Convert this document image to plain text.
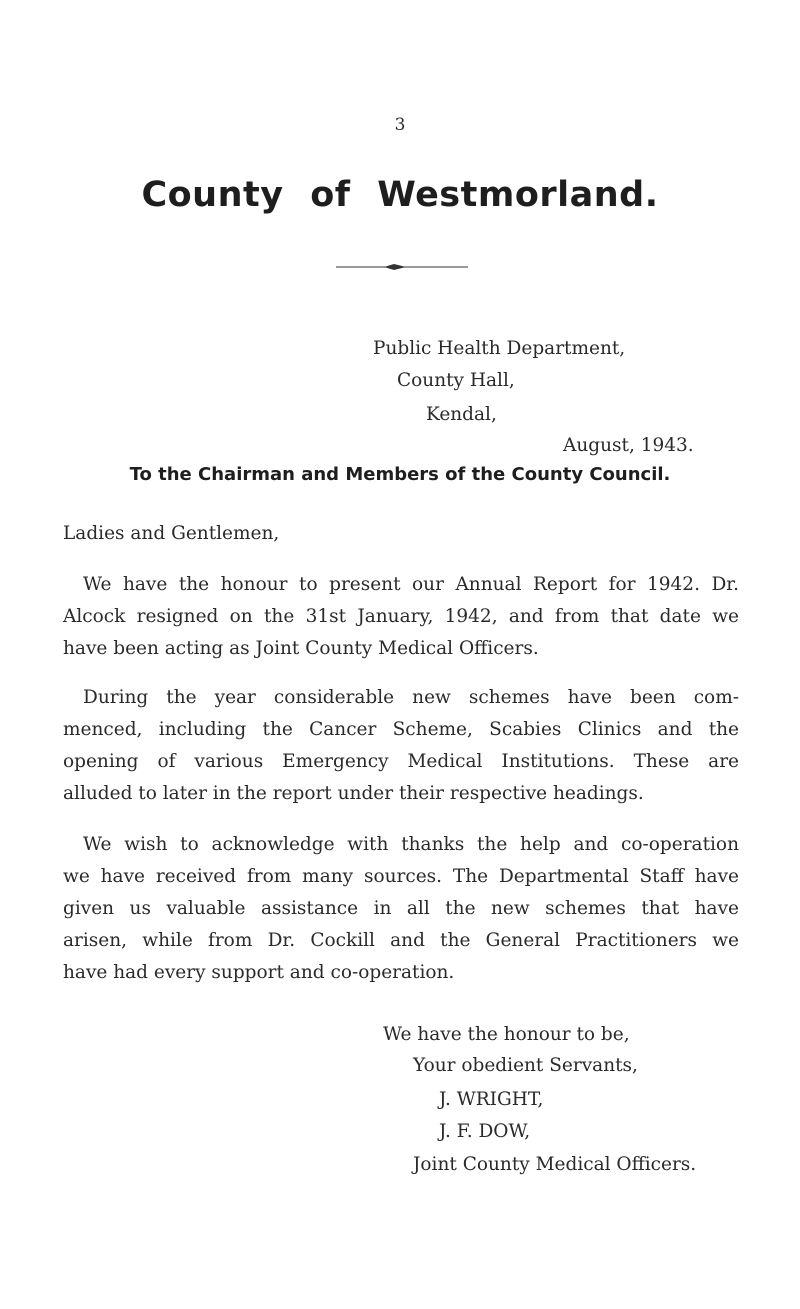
3
County of Westmorland.
Public Health Department,
County Hall,
Kendal,
August, 1943.
To the Chairman and Members of the County Council.
Ladies and Gentlemen,
We have the honour to present our Annual Report for 1942. Dr.
Alcock resigned on the 31st January, 1942, and from that date we
have been acting as Joint County Medical Officers.
During the year considerable new schemes have been com-
menced, including the Cancer Scheme, Scabies Clinics and the
opening of various Emergency Medical Institutions. These are
alluded to later in the report under their respective headings.
We wish to acknowledge with thanks the help and co-operation
we have received from many sources. The Departmental Staff have
given us valuable assistance in all the new schemes that have
arisen, while from Dr. Cockill and the General Practitioners we
have had every support and co-operation.
We have the honour to be,
Your obedient Servants,
J. WRIGHT,
J. F. DOW,
Joint County Medical Officers.
